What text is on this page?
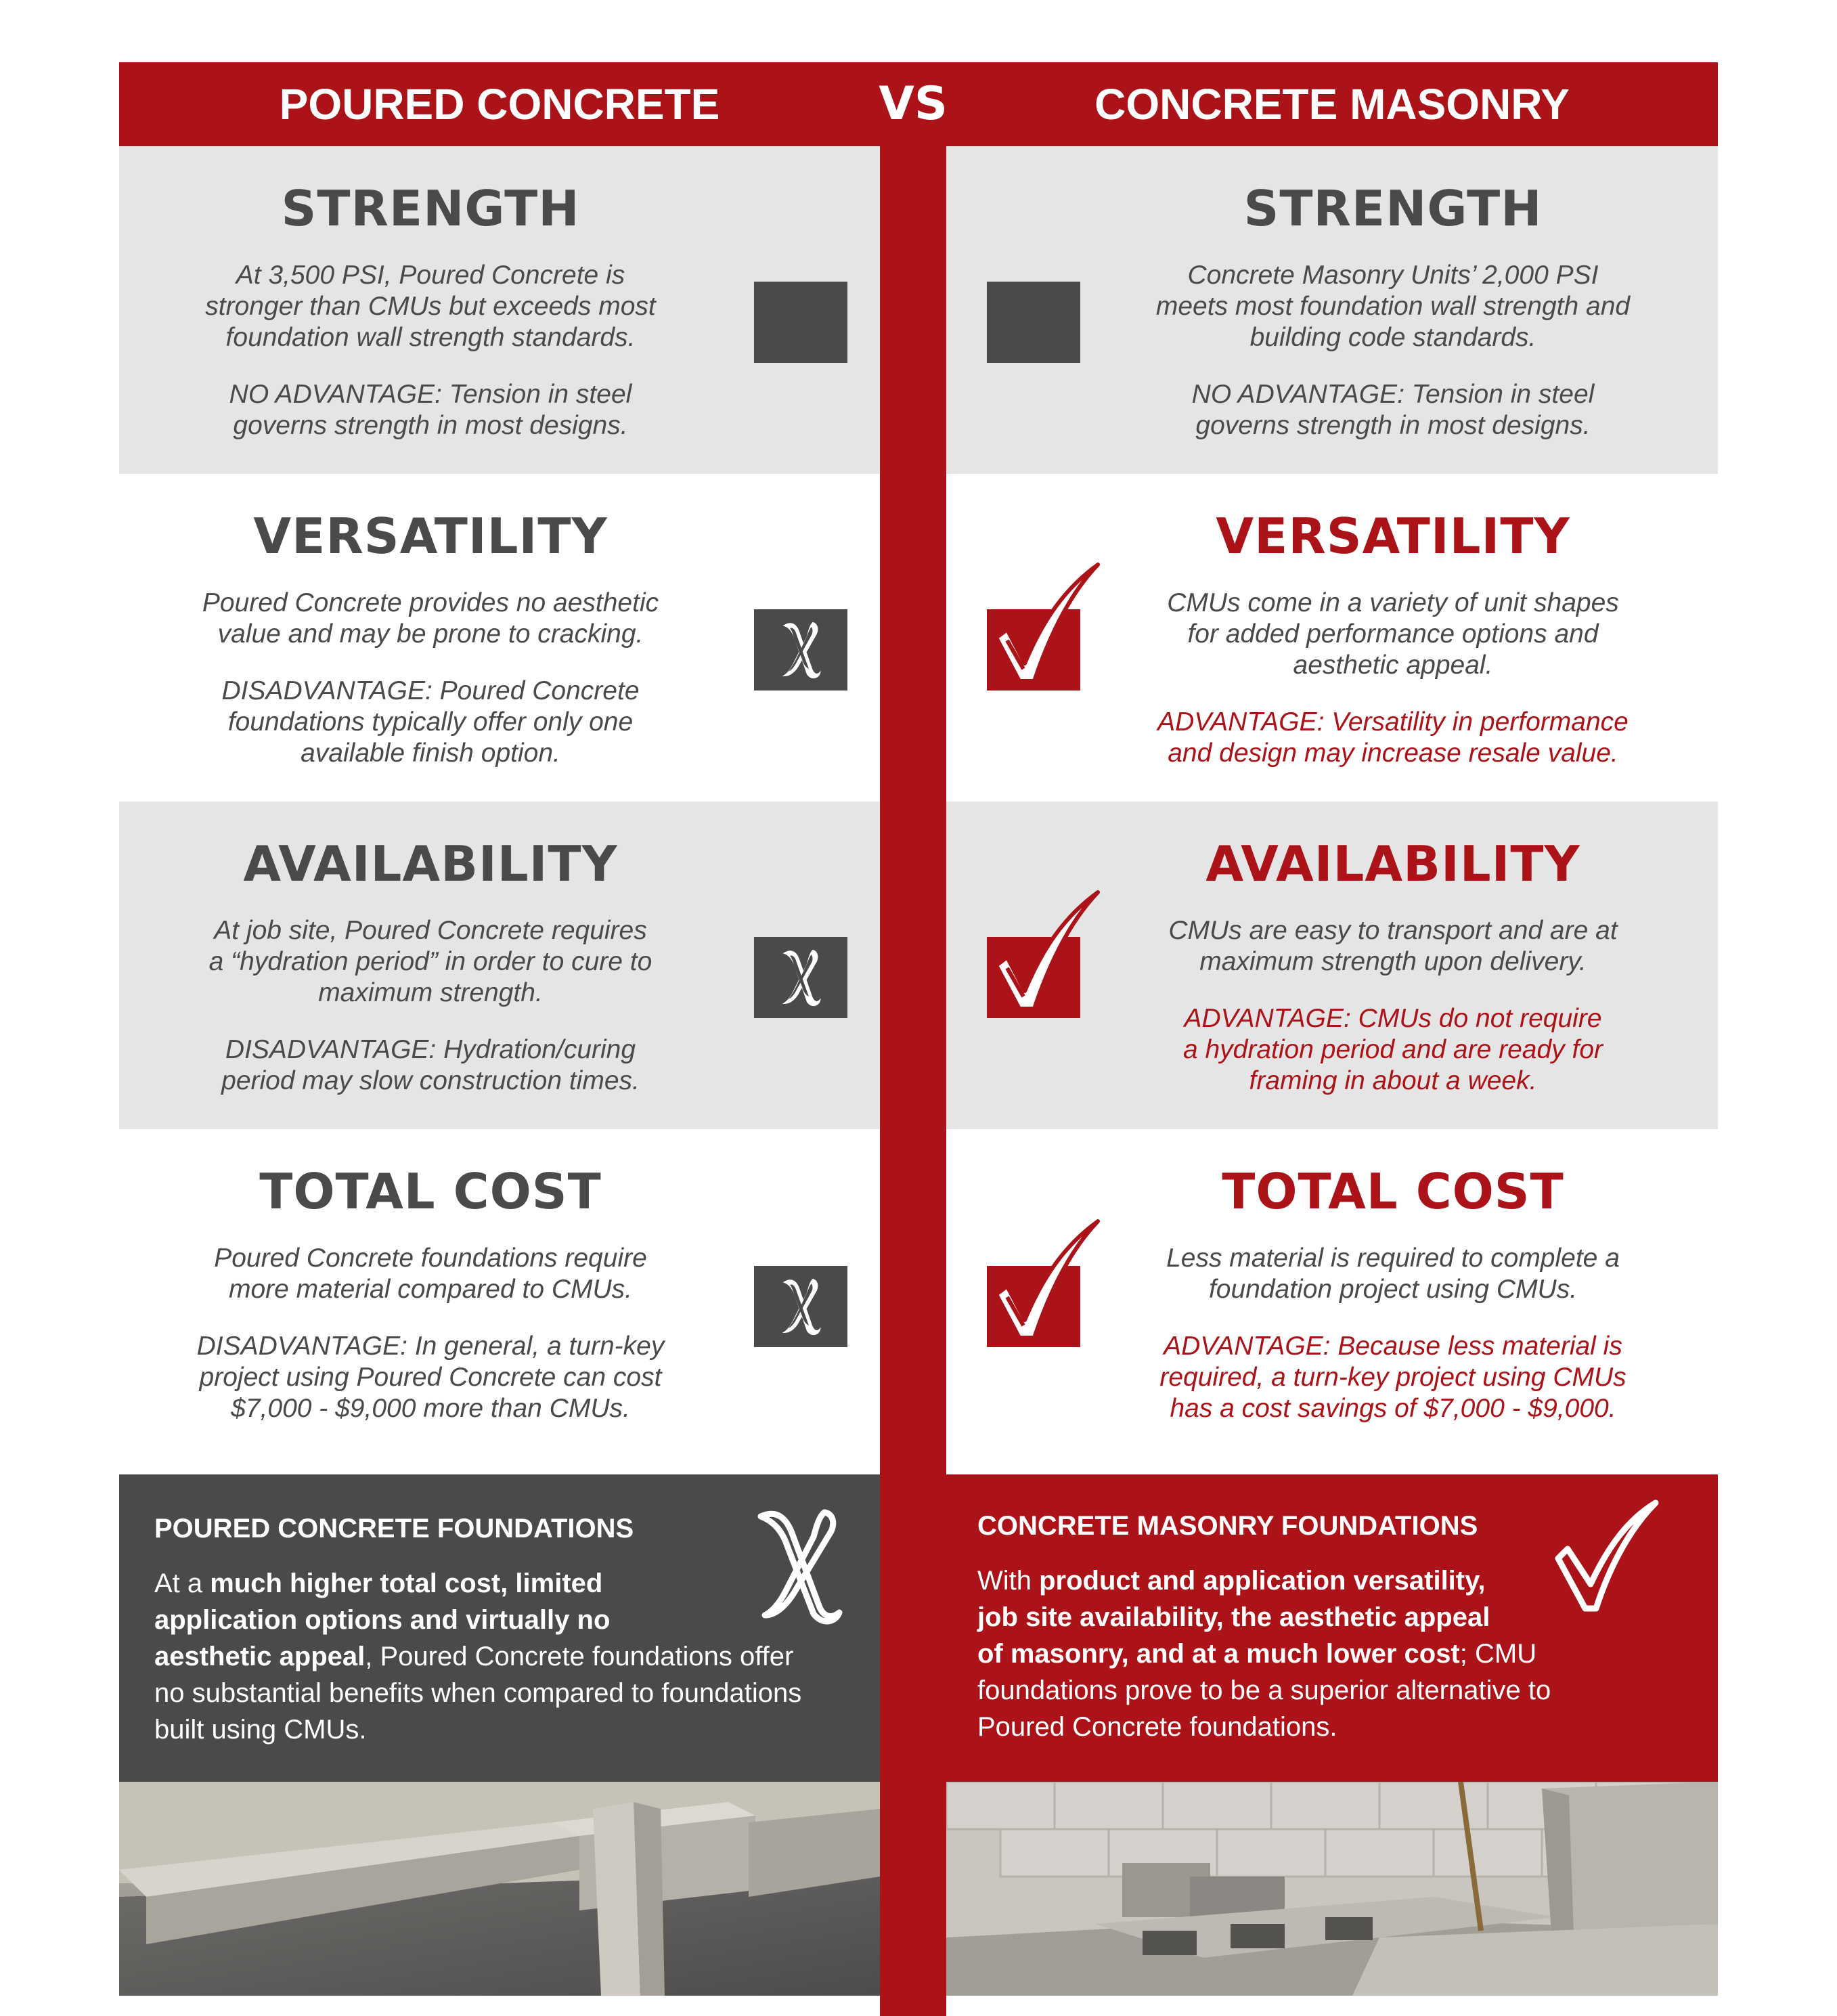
POURED CONCRETE	VS	CONCRETE MASONRY
STRENGTH
At 3,500 PSI, Poured Concrete is
stronger than CMUs but exceeds most
foundation wall strength standards.
NO ADVANTAGE: Tension in steel
governs strength in most designs.
STRENGTH
Concrete Masonry Units’ 2,000 PSI
meets most foundation wall strength and
building code standards.
NO ADVANTAGE: Tension in steel
governs strength in most designs.
VERSATILITY
Poured Concrete provides no aesthetic
value and may be prone to cracking.
DISADVANTAGE: Poured Concrete
foundations typically offer only one
available finish option.
VERSATILITY
CMUs come in a variety of unit shapes
for added performance options and
aesthetic appeal.
ADVANTAGE: Versatility in performance
and design may increase resale value.
AVAILABILITY
At job site, Poured Concrete requires
a “hydration period” in order to cure to
maximum strength.
DISADVANTAGE: Hydration/curing
period may slow construction times.
AVAILABILITY
CMUs are easy to transport and are at
maximum strength upon delivery.
ADVANTAGE: CMUs do not require
a hydration period and are ready for
framing in about a week.
TOTAL COST
Poured Concrete foundations require
more material compared to CMUs.
DISADVANTAGE: In general, a turn-key
project using Poured Concrete can cost
$7,000 - $9,000 more than CMUs.
TOTAL COST
Less material is required to complete a
foundation project using CMUs.
ADVANTAGE: Because less material is
required, a turn-key project using CMUs
has a cost savings of $7,000 - $9,000.
POURED CONCRETE FOUNDATIONS
At a much higher total cost, limited
application options and virtually no
aesthetic appeal, Poured Concrete foundations offer
no substantial benefits when compared to foundations
built using CMUs.
CONCRETE MASONRY FOUNDATIONS
With product and application versatility,
job site availability, the aesthetic appeal
of masonry, and at a much lower cost; CMU
foundations prove to be a superior alternative to
Poured Concrete foundations.
